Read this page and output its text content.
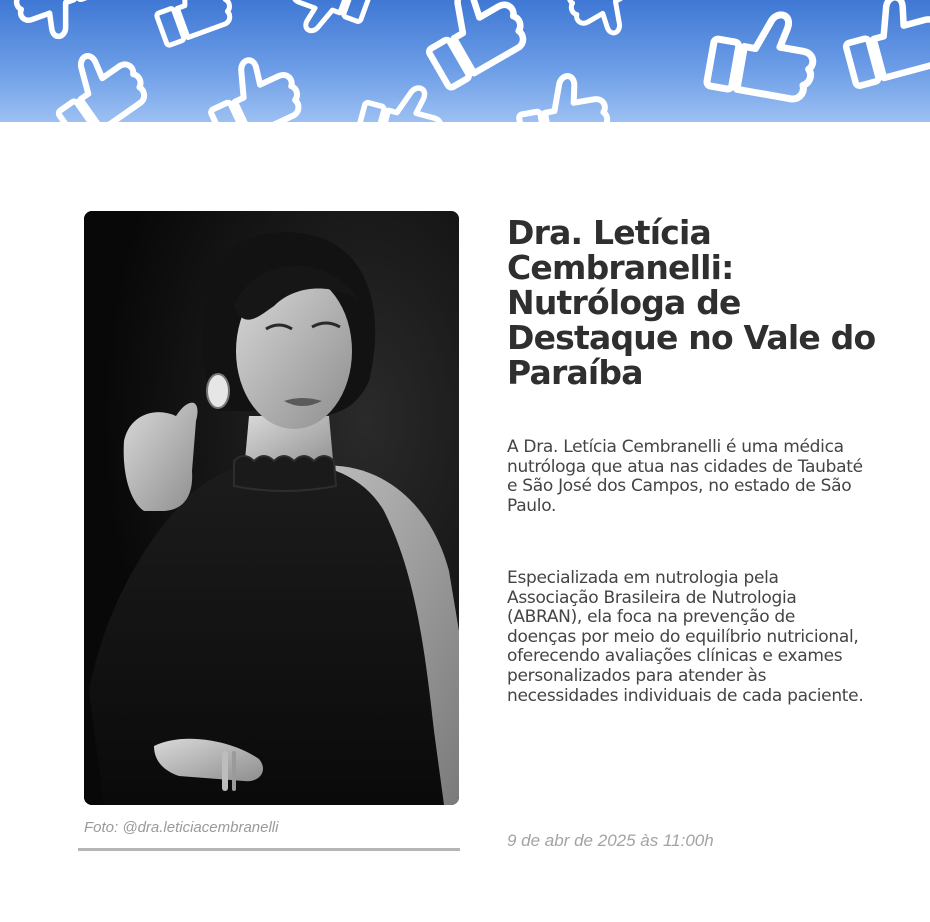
Foto: @dra.leticiacembranelli
Dra. Letícia Cembranelli: Nutróloga de Destaque no Vale do Paraíba

A Dra. Letícia Cembranelli é uma médica nutróloga que atua nas cidades de Taubaté e São José dos Campos, no estado de São Paulo.

Especializada em nutrologia pela Associação Brasileira de Nutrologia (ABRAN), ela foca na prevenção de doenças por meio do equilíbrio nutricional, oferecendo avaliações clínicas e exames personalizados para atender às necessidades individuais de cada paciente.

9 de abr de 2025 às 11:00h
